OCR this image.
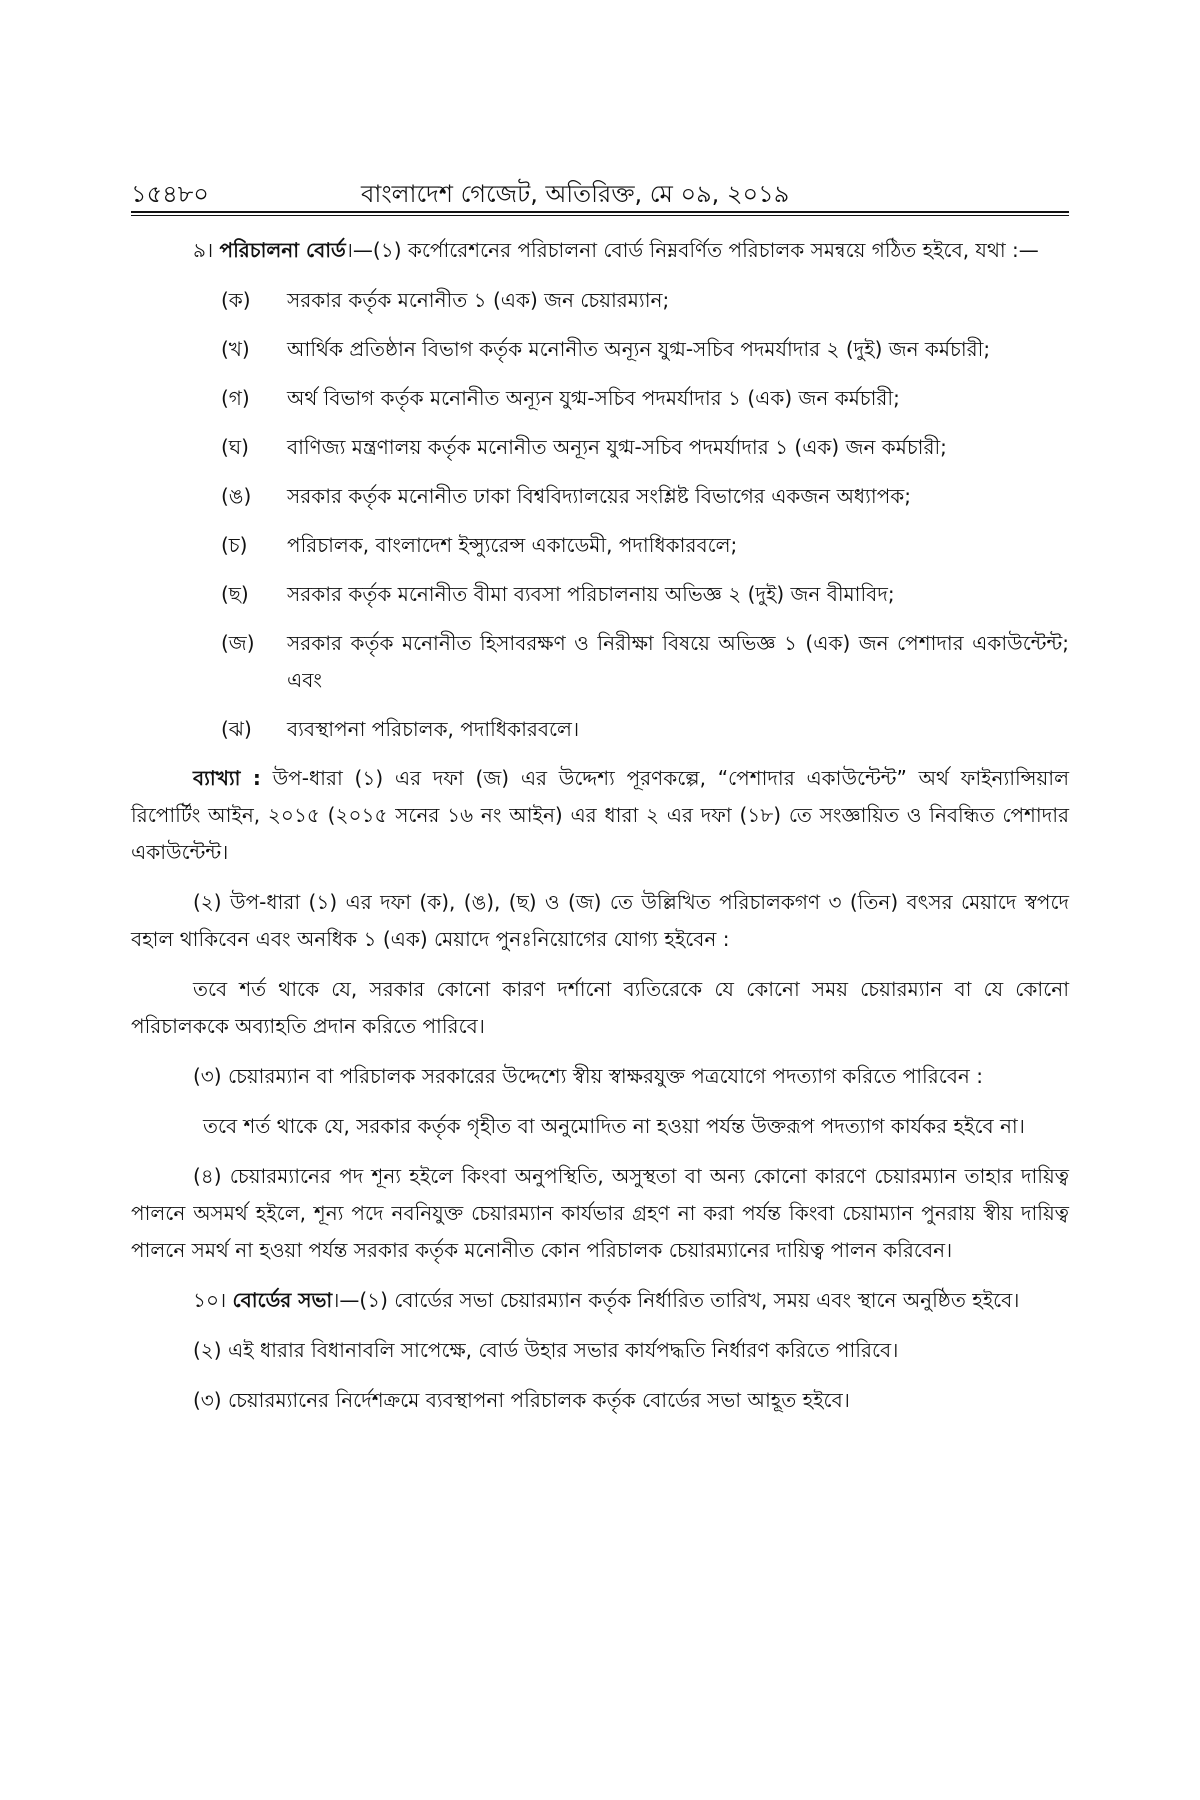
১৫৪৮০	বাংলাদেশ গেজেট, অতিরিক্ত, মে ০৯, ২০১৯

৯। পরিচালনা বোর্ড।—(১) কর্পোরেশনের পরিচালনা বোর্ড নিম্নবর্ণিত পরিচালক সমন্বয়ে গঠিত হইবে, যথা :—

(ক)	সরকার কর্তৃক মনোনীত ১ (এক) জন চেয়ারম্যান;
(খ)	আর্থিক প্রতিষ্ঠান বিভাগ কর্তৃক মনোনীত অন্যূন যুগ্ম-সচিব পদমর্যাদার ২ (দুই) জন কর্মচারী;
(গ)	অর্থ বিভাগ কর্তৃক মনোনীত অন্যূন যুগ্ম-সচিব পদমর্যাদার ১ (এক) জন কর্মচারী;
(ঘ)	বাণিজ্য মন্ত্রণালয় কর্তৃক মনোনীত অন্যূন যুগ্ম-সচিব পদমর্যাদার ১ (এক) জন কর্মচারী;
(ঙ)	সরকার কর্তৃক মনোনীত ঢাকা বিশ্ববিদ্যালয়ের সংশ্লিষ্ট বিভাগের একজন অধ্যাপক;
(চ)	পরিচালক, বাংলাদেশ ইন্স্যুরেন্স একাডেমী, পদাধিকারবলে;
(ছ)	সরকার কর্তৃক মনোনীত বীমা ব্যবসা পরিচালনায় অভিজ্ঞ ২ (দুই) জন বীমাবিদ;
(জ)	সরকার কর্তৃক মনোনীত হিসাবরক্ষণ ও নিরীক্ষা বিষয়ে অভিজ্ঞ ১ (এক) জন পেশাদার একাউন্টেন্ট; এবং
(ঝ)	ব্যবস্থাপনা পরিচালক, পদাধিকারবলে।

ব্যাখ্যা : উপ-ধারা (১) এর দফা (জ) এর উদ্দেশ্য পূরণকল্পে, “পেশাদার একাউন্টেন্ট” অর্থ ফাইন্যান্সিয়াল রিপোর্টিং আইন, ২০১৫ (২০১৫ সনের ১৬ নং আইন) এর ধারা ২ এর দফা (১৮) তে সংজ্ঞায়িত ও নিবন্ধিত পেশাদার একাউন্টেন্ট।

(২) উপ-ধারা (১) এর দফা (ক), (ঙ), (ছ) ও (জ) তে উল্লিখিত পরিচালকগণ ৩ (তিন) বৎসর মেয়াদে স্বপদে বহাল থাকিবেন এবং অনধিক ১ (এক) মেয়াদে পুনঃনিয়োগের যোগ্য হইবেন :

তবে শর্ত থাকে যে, সরকার কোনো কারণ দর্শানো ব্যতিরেকে যে কোনো সময় চেয়ারম্যান বা যে কোনো পরিচালককে অব্যাহতি প্রদান করিতে পারিবে।

(৩) চেয়ারম্যান বা পরিচালক সরকারের উদ্দেশ্যে স্বীয় স্বাক্ষরযুক্ত পত্রযোগে পদত্যাগ করিতে পারিবেন :

তবে শর্ত থাকে যে, সরকার কর্তৃক গৃহীত বা অনুমোদিত না হওয়া পর্যন্ত উক্তরূপ পদত্যাগ কার্যকর হইবে না।

(৪) চেয়ারম্যানের পদ শূন্য হইলে কিংবা অনুপস্থিতি, অসুস্থতা বা অন্য কোনো কারণে চেয়ারম্যান তাহার দায়িত্ব পালনে অসমর্থ হইলে, শূন্য পদে নবনিযুক্ত চেয়ারম্যান কার্যভার গ্রহণ না করা পর্যন্ত কিংবা চেয়াম্যান পুনরায় স্বীয় দায়িত্ব পালনে সমর্থ না হওয়া পর্যন্ত সরকার কর্তৃক মনোনীত কোন পরিচালক চেয়ারম্যানের দায়িত্ব পালন করিবেন।

১০। বোর্ডের সভা।—(১) বোর্ডের সভা চেয়ারম্যান কর্তৃক নির্ধারিত তারিখ, সময় এবং স্থানে অনুষ্ঠিত হইবে।

(২) এই ধারার বিধানাবলি সাপেক্ষে, বোর্ড উহার সভার কার্যপদ্ধতি নির্ধারণ করিতে পারিবে।

(৩) চেয়ারম্যানের নির্দেশক্রমে ব্যবস্থাপনা পরিচালক কর্তৃক বোর্ডের সভা আহূত হইবে।
